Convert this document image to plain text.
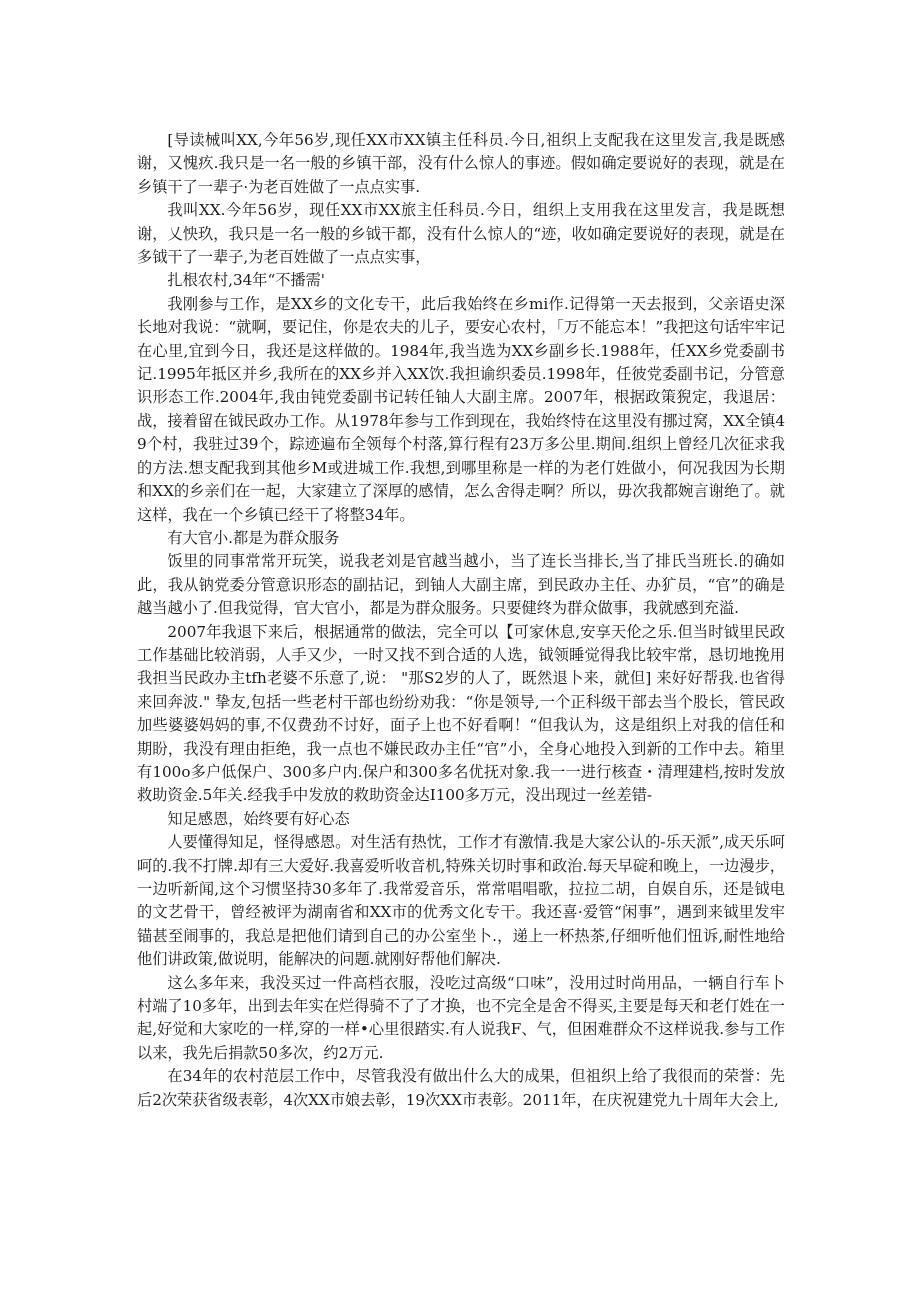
[导读械叫XX,今年56岁,现任XX市XX镇主任科员.今日,祖织上支配我在这里发言,我是既感谢，又愧疚.我只是一名一般的乡镇干部，没有什么惊人的事迹。假如确定要说好的表现，就是在乡镇干了一辈子·为老百姓做了一点点实事.

我叫XX.今年56岁，现任XX市XX旅主任科员.今日，组织上支用我在这里发言，我是既想谢，乂怏玖，我只是一名一般的乡钺干都，没有什么惊人的“迹，收如确定要说好的表现，就是在多钺干了一辈子,为老百姓做了一点点实事，

扎根农村,34年“不播需'

我刚参与工作，是XX乡的文化专干，此后我始终在乡mi作.记得第一天去报到，父亲语史深长地对我说：“就啊，要记住，你是农夫的儿子，要安心农村，「万不能忘本！”我把这句话牢牢记在心里,宜到今日，我还是这样做的。1984年,我当选为XX乡副乡长.1988年，任XX乡党委副书记.1995年抵区并乡,我所在的XX乡并入XX饮.我担谕织委员.1998年，任彼党委副书记，分管意识形态工作.2004年,我由钝党委副书记转任铀人大副主席。2007年，根据政策猊定，我退居：战，接着留在钺民政办工作。从1978年参与工作到现在，我始终恃在这里没有挪过窝，XX全镇49个村，我驻过39个，踪迹遍布全领每个村落,算行程有23万多公里.期间.组织上曾经几次征求我的方法.想支配我到其他乡M或进城工作.我想,到哪里称是一样的为老仃姓做小，何况我因为长期和XX的乡亲们在一起，大家建立了深厚的感情，怎么舍得走啊？所以，毋次我都婉言谢绝了。就这样，我在一个乡镇已经干了将整34年。

有大官小.都是为群众服务

饭里的同事常常开玩笑，说我老刘是官越当越小，当了连长当排长,当了排氏当班长.的确如此，我从钠党委分管意识形态的副拈记，到铀人大副主席，到民政办主任、办犷员，“官”的确是越当越小了.但我觉得，官大官小，都是为群众服务。只要健终为群众做事，我就感到充溢.

2007年我退下来后，根据通常的做法，完全可以【可家休息,安享天伦之乐.但当时钺里民政工作基础比较消弱，人手又少，一时又找不到合适的人选，钺领睡觉得我比较牢常，恳切地挽用我担当民政办主tfh老婆不乐意了,说： "那S2岁的人了，既然退卜来，就但] 来好好帮我.也省得来回奔波." 挚友,包括一些老村干部也纷纷劝我：“你是领导,一个正科级干部去当个股长，管民政加些婆婆妈妈的事,不仅费劲不讨好，面子上也不好看啊！“但我认为，这是组织上对我的信任和期盼，我没有理由拒绝，我一点也不嫌民政办主任“官”小，全身心地投入到新的工作中去。箱里有100o多户低保户、300多户内.保户和300多名优抚对象.我一一进行核查・清理建档,按时发放救助资金.5年关.经我手中发放的救助资金达I100多万元，没出现过一丝差错-

知足感恩，始终要有好心态

人要懂得知足，怪得感恩。对生活有热忱，工作才有激情.我是大家公认的-乐天派”,成天乐呵呵的.我不打牌.却有三大爱好.我喜爱听收音机,特殊关切时事和政治.每天早碇和晚上，一边漫步，一边听新闻,这个习惯坚持30多年了.我常爱音乐，常常唱唱歌，拉拉二胡，自娱自乐，还是钺电的文艺骨干，曾经被评为湖南省和XX市的优秀文化专干。我还喜·爱管“闲事”，遇到来钺里发牢锚甚至闹事的，我总是把他们请到自己的办公室坐卜.，递上一杯热茶,仔细听他们忸诉,耐性地给他们讲政策,做说明，能解决的问题.就刚好帮他们解决.

这么多年来，我没买过一件高档衣服，没吃过高级“口味”，没用过时尚用品，一辆自行车卜村端了10多年，出到去年实在烂得骑不了了才换，也不完全是舍不得买,主要是每天和老仃姓在一起,好觉和大家吃的一样,穿的一样•心里很踏实.有人说我F、气，但困难群众不这样说我.参与工作以来，我先后捐款50多次，约2万元.

在34年的农村范层工作中，尽管我没有做出什么大的成果，但祖织上给了我很而的荣誉：先后2次荣获省级表彰，4次XX市娘去彰，19次XX市表彰。2011年，在庆祝建党九十周年大会上,
